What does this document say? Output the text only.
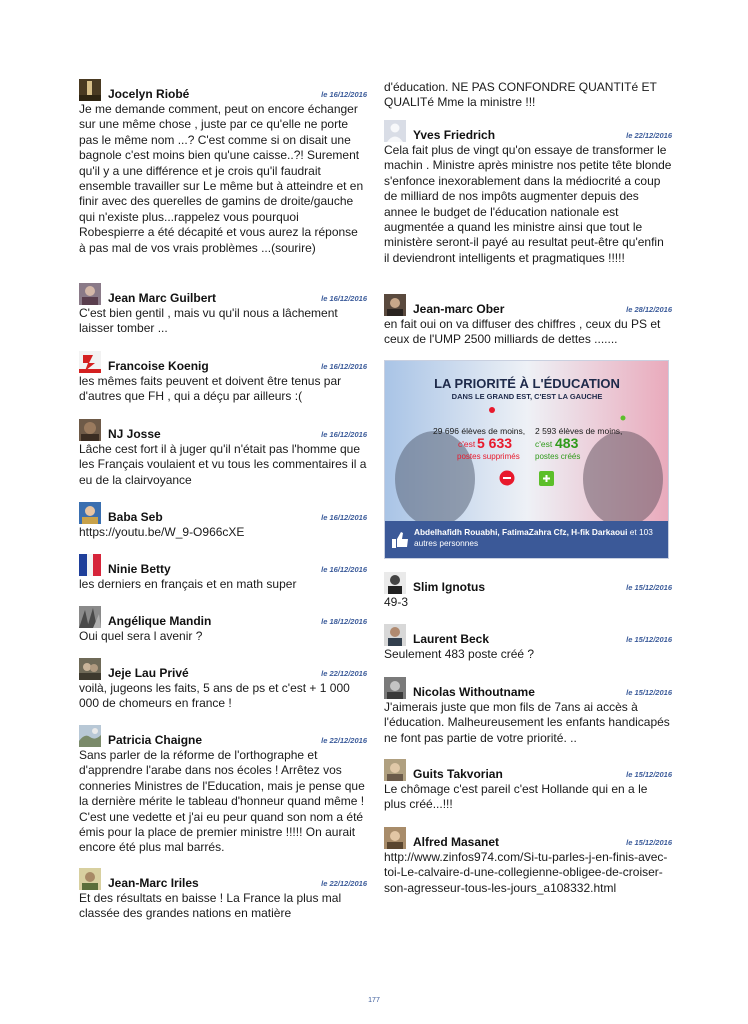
Jocelyn Riobé	le 16/12/2016
Je me demande comment, peut on encore échanger sur une même chose , juste par ce qu'elle ne porte pas le même nom ...? C'est comme si on disait une bagnole c'est moins bien qu'une caisse..?! Surement qu'il y a une différence et je crois qu'il faudrait ensemble travailler sur Le même but à atteindre et en finir avec des querelles de gamins de droite/gauche qui n'existe plus...rappelez vous pourquoi Robespierre a été décapité et vous aurez la réponse à pas mal de vos vrais problèmes ...(sourire)
Jean Marc Guilbert	le 16/12/2016
C'est bien gentil , mais vu qu'il nous a lâchement laisser tomber ...
Francoise Koenig	le 16/12/2016
les mêmes faits peuvent et doivent être tenus par d'autres que FH , qui a déçu par ailleurs :(
NJ Josse	le 16/12/2016
Lâche cest fort il à juger qu'il n'était pas l'homme que les Français voulaient et vu tous les commentaires il a eu de la clairvoyance
Baba Seb	le 16/12/2016
https://youtu.be/W_9-O966cXE
Ninie Betty	le 16/12/2016
les derniers en français et en math super
Angélique Mandin	le 18/12/2016
Oui quel sera l avenir ?
Jeje Lau Privé	le 22/12/2016
voilà, jugeons les faits, 5 ans de ps et c'est + 1 000 000 de chomeurs en france !
Patricia Chaigne	le 22/12/2016
Sans parler de la réforme de l'orthographe et d'apprendre l'arabe dans nos écoles ! Arrêtez vos conneries Ministres de l'Education, mais je pense que la dernière mérite le tableau d'honneur quand même ! C'est une vedette et j'ai eu peur quand son nom a été émis pour la place de premier ministre !!!!! On aurait encore été plus mal barrés.
Jean-Marc Iriles	le 22/12/2016
Et des résultats en baisse ! La France la plus mal classée des grandes nations en matière
d'éducation. NE PAS CONFONDRE QUANTITé ET QUALITé Mme la ministre !!!
Yves Friedrich	le 22/12/2016
Cela fait plus de vingt qu'on essaye de transformer le machin . Ministre après ministre nos petite tête blonde s'enfonce inexorablement dans la médiocrité a coup de milliard de nos impôts augmenter depuis des annee le budget de l'éducation nationale est augmentée a quand les ministre ainsi que tout le ministère seront-il payé au resultat peut-être qu'enfin il deviendront intelligents et pragmatiques !!!!!
Jean-marc Ober	le 28/12/2016
en fait oui on va diffuser des chiffres , ceux du PS et ceux de l'UMP 2500 milliards de dettes .......
LA PRIORITÉ À L'ÉDUCATION
DANS LE GRAND EST, C'EST LA GAUCHE
29 696 élèves de moins, 2 593 élèves de moins,
c'est 5 633
postes supprimés
c'est 483
postes créés
Abdelhafidh Rouabhi, FatimaZahra Cfz, H-fik Darkaoui et 103 autres personnes
Slim Ignotus	le 15/12/2016
49-3
Laurent Beck	le 15/12/2016
Seulement 483 poste créé ?
Nicolas Withoutname	le 15/12/2016
J'aimerais juste que mon fils de 7ans ai accès à l'éducation. Malheureusement les enfants handicapés ne font pas partie de votre priorité. ..
Guits Takvorian	le 15/12/2016
Le chômage c'est pareil c'est Hollande qui en a le plus créé...!!!
Alfred Masanet	le 15/12/2016
http://www.zinfos974.com/Si-tu-parles-j-en-finis-avec-toi-Le-calvaire-d-une-collegienne-obligee-de-croiser-son-agresseur-tous-les-jours_a108332.html
177
